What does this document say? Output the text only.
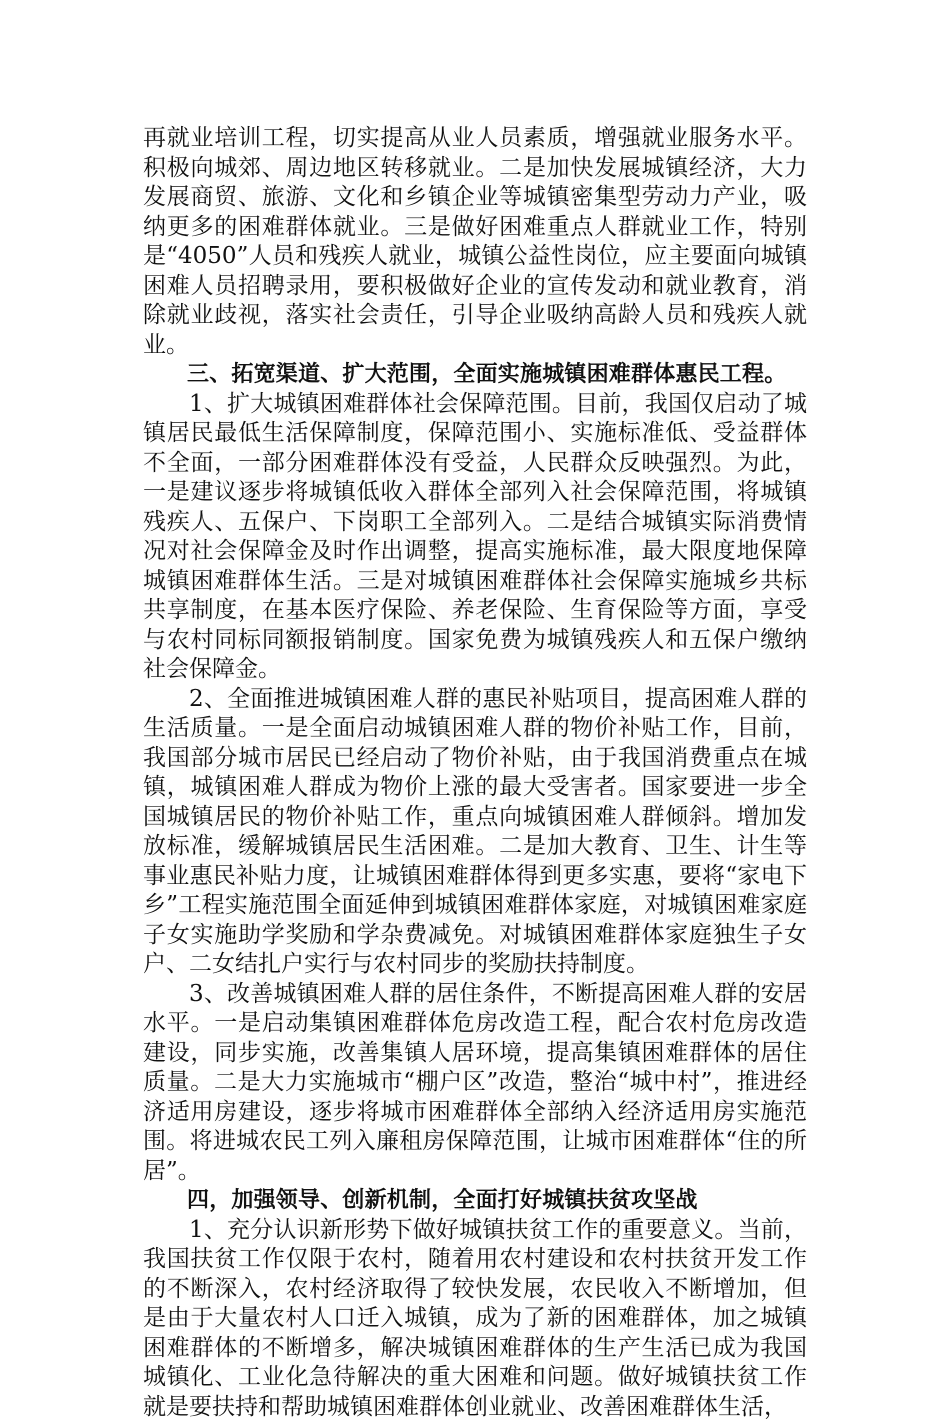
再就业培训工程，切实提高从业人员素质，增强就业服务水平。积极向城郊、周边地区转移就业。二是加快发展城镇经济，大力发展商贸、旅游、文化和乡镇企业等城镇密集型劳动力产业，吸纳更多的困难群体就业。三是做好困难重点人群就业工作，特别是“4050”人员和残疾人就业，城镇公益性岗位，应主要面向城镇困难人员招聘录用，要积极做好企业的宣传发动和就业教育，消除就业歧视，落实社会责任，引导企业吸纳高龄人员和残疾人就业。

三、拓宽渠道、扩大范围，全面实施城镇困难群体惠民工程。

1、扩大城镇困难群体社会保障范围。目前，我国仅启动了城镇居民最低生活保障制度，保障范围小、实施标准低、受益群体不全面，一部分困难群体没有受益，人民群众反映强烈。为此，一是建议逐步将城镇低收入群体全部列入社会保障范围，将城镇残疾人、五保户、下岗职工全部列入。二是结合城镇实际消费情况对社会保障金及时作出调整，提高实施标准，最大限度地保障城镇困难群体生活。三是对城镇困难群体社会保障实施城乡共标共享制度，在基本医疗保险、养老保险、生育保险等方面，享受与农村同标同额报销制度。国家免费为城镇残疾人和五保户缴纳社会保障金。

2、全面推进城镇困难人群的惠民补贴项目，提高困难人群的生活质量。一是全面启动城镇困难人群的物价补贴工作，目前，我国部分城市居民已经启动了物价补贴，由于我国消费重点在城镇，城镇困难人群成为物价上涨的最大受害者。国家要进一步全国城镇居民的物价补贴工作，重点向城镇困难人群倾斜。增加发放标准，缓解城镇居民生活困难。二是加大教育、卫生、计生等事业惠民补贴力度，让城镇困难群体得到更多实惠，要将“家电下乡”工程实施范围全面延伸到城镇困难群体家庭，对城镇困难家庭子女实施助学奖励和学杂费减免。对城镇困难群体家庭独生子女户、二女结扎户实行与农村同步的奖励扶持制度。

3、改善城镇困难人群的居住条件，不断提高困难人群的安居水平。一是启动集镇困难群体危房改造工程，配合农村危房改造建设，同步实施，改善集镇人居环境，提高集镇困难群体的居住质量。二是大力实施城市“棚户区”改造，整治“城中村”，推进经济适用房建设，逐步将城市困难群体全部纳入经济适用房实施范围。将进城农民工列入廉租房保障范围，让城市困难群体“住的所居”。

四，加强领导、创新机制，全面打好城镇扶贫攻坚战

1、充分认识新形势下做好城镇扶贫工作的重要意义。当前，我国扶贫工作仅限于农村，随着用农村建设和农村扶贫开发工作的不断深入，农村经济取得了较快发展，农民收入不断增加，但是由于大量农村人口迁入城镇，成为了新的困难群体，加之城镇困难群体的不断增多，解决城镇困难群体的生产生活已成为我国城镇化、工业化急待解决的重大困难和问题。做好城镇扶贫工作就是要扶持和帮助城镇困难群体创业就业、改善困难群体生活，
